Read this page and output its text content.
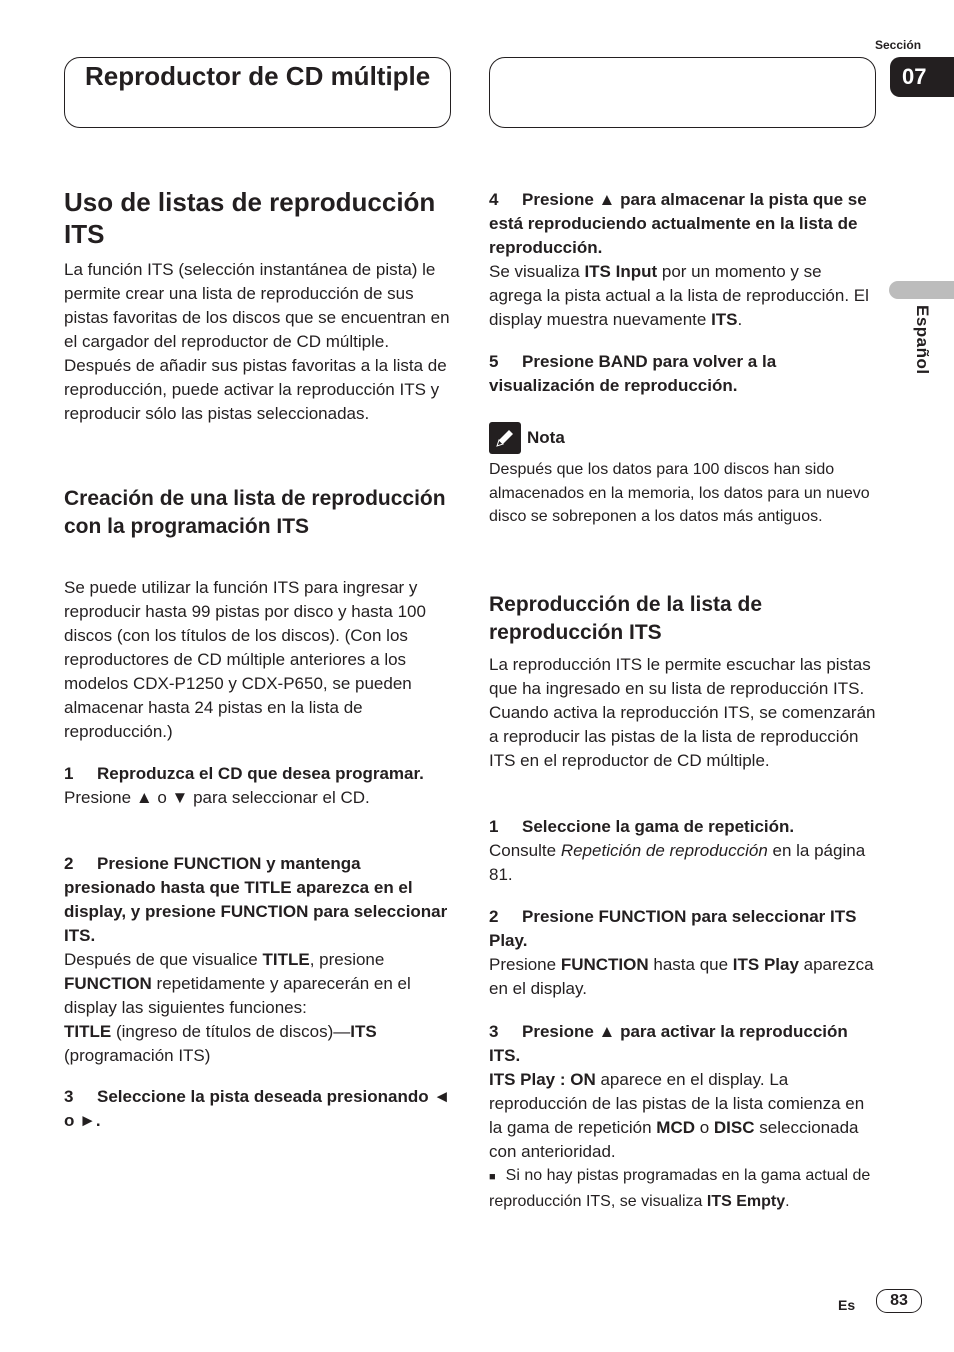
Reproductor de CD múltiple
Sección
07
Español
Uso de listas de reproducción ITS

La función ITS (selección instantánea de pista) le permite crear una lista de reproducción de sus pistas favoritas de los discos que se encuentran en el cargador del reproductor de CD múltiple. Después de añadir sus pistas favoritas a la lista de reproducción, puede activar la reproducción ITS y reproducir sólo las pistas seleccionadas.

Creación de una lista de reproducción con la programación ITS

Se puede utilizar la función ITS para ingresar y reproducir hasta 99 pistas por disco y hasta 100 discos (con los títulos de los discos). (Con los reproductores de CD múltiple anteriores a los modelos CDX-P1250 y CDX-P650, se pueden almacenar hasta 24 pistas en la lista de reproducción.)

1 Reproduzca el CD que desea programar.

Presione ▲ o ▼ para seleccionar el CD.

2 Presione FUNCTION y mantenga presionado hasta que TITLE aparezca en el display, y presione FUNCTION para seleccionar ITS.

Después de que visualice TITLE, presione FUNCTION repetidamente y aparecerán en el display las siguientes funciones:

TITLE (ingreso de títulos de discos)—ITS (programación ITS)

3 Seleccione la pista deseada presionando ◄ o ►.

4 Presione ▲ para almacenar la pista que se está reproduciendo actualmente en la lista de reproducción.

Se visualiza ITS Input por un momento y se agrega la pista actual a la lista de reproducción. El display muestra nuevamente ITS.

5 Presione BAND para volver a la visualización de reproducción.

Nota

Después que los datos para 100 discos han sido almacenados en la memoria, los datos para un nuevo disco se sobreponen a los datos más antiguos.

Reproducción de la lista de reproducción ITS

La reproducción ITS le permite escuchar las pistas que ha ingresado en su lista de reproducción ITS. Cuando activa la reproducción ITS, se comenzarán a reproducir las pistas de la lista de reproducción ITS en el reproductor de CD múltiple.

1 Seleccione la gama de repetición.

Consulte Repetición de reproducción en la página 81.

2 Presione FUNCTION para seleccionar ITS Play.

Presione FUNCTION hasta que ITS Play aparezca en el display.

3 Presione ▲ para activar la reproducción ITS.

ITS Play : ON aparece en el display. La reproducción de las pistas de la lista comienza en la gama de repetición MCD o DISC seleccionada con anterioridad.

■ Si no hay pistas programadas en la gama actual de reproducción ITS, se visualiza ITS Empty.

Es	83
